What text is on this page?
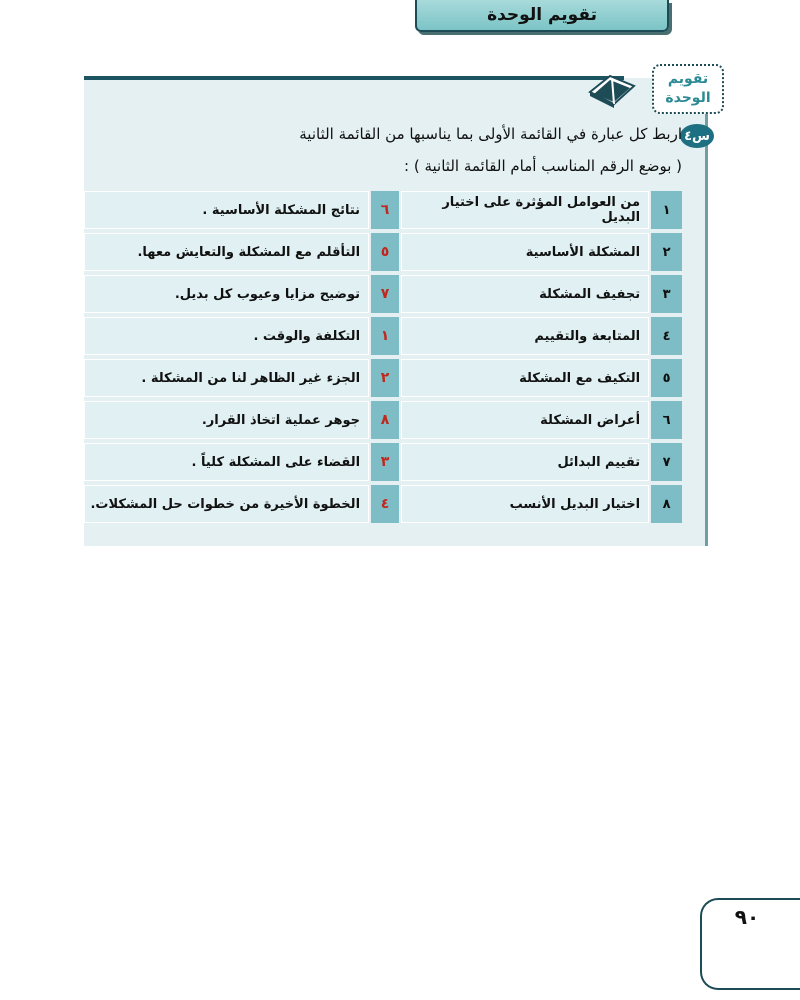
تقويم الوحدة
تقويم
الوحدة
س٤
اربط كل عبارة في القائمة الأولى بما يناسبها من القائمة الثانية
( بوضع الرقم المناسب أمام القائمة الثانية ) :
١
من العوامل المؤثرة على اختيار البديل
٦
نتائج المشكلة الأساسية .
٢
المشكلة الأساسية
٥
التأقلم مع المشكلة والتعايش معها.
٣
تجفيف المشكلة
٧
توضيح مزايا وعيوب كل بديل.
٤
المتابعة والتقييم
١
التكلفة والوقت .
٥
التكيف مع المشكلة
٢
الجزء غير الظاهر لنا من المشكلة .
٦
أعراض المشكلة
٨
جوهر عملية اتخاذ القرار.
٧
تقييم البدائل
٣
القضاء على المشكلة كلياً .
٨
اختيار البديل الأنسب
٤
الخطوة الأخيرة من خطوات حل المشكلات.
٩٠
